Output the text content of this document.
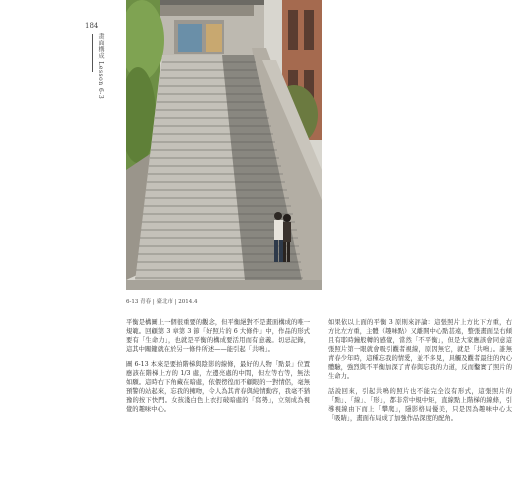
184
畫面構成 Lesson 6-3
6-13 青春 | 臺北市 | 2014.4

平衡是構圖上一個很重要的觀念，但平衡絕對不是畫面構成的唯一規範。回顧第 3 章第 3 節「好照片的 6 大條件」中，作品的形式要有「生命力」，也就是平衡的構成要活用而有意義。切忌記錄，這其中關鍵就在於另一條件所述——能引起「共鳴」。

圖 6-13 本來是要拍階梯與陰影的線條，最好的人物「點景」位置應該在階梯上方的 1/3 處，左邊亮處的中間，但左等右等，無法如願。這時右下角藏在暗處，依偎徬徨而不顧眼的一對情侶，毫無預警的站起來，忘我的擁吻，令人為其青春與純情動容，我毫不猶豫的按下快門。女孩淺白色上衣打破暗處的「寫勢」，立刻成為視覺的趣味中心。

如果依以上面的平衡 3 原則來評論：這張照片上方比下方重，右方比左方重，主體（趣味點）又離開中心點甚遠，整張畫面呈右傾且有耶時鐘般轉的感覺，當然「不平衡」，但是大家應該會同意這張照片第一眼就會吸引觀者視線，原因無它，就是「共鳴」。誰無青春少年時，這種忘我的情愛，並不多見，具觸及觀者最往的內心體驗，強烈與不平衡加深了青春與忘我的力道，反而鑿實了照片的生命力。

話說回來，引起共鳴的照片也不能完全沒有形式，這張照片的「點」、「線」、「形」，都非常中規中矩，直線點上階梯的線條，引導視線由下而上「攀爬」，隱影格局優美，只是因為趣味中心太「吸睛」，畫面布局成了加強作品深度的配角。
